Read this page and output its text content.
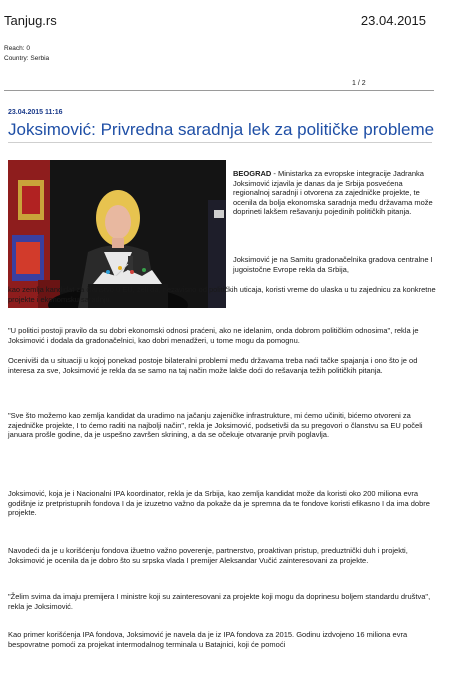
Tanjug.rs	23.04.2015
Reach: 0
Country: Serbia
1 / 2
23.04.2015 11:16
Joksimović: Privredna saradnja lek za političke probleme

BEOGRAD - Ministarka za evropske integracije Jadranka Joksimović izjavila je danas da je Srbija posvećena regionalnoj saradnji i otvorena za zajedničke projekte, te ocenila da bolja ekonomska saradnja među državama može doprineti lakšem rešavanju pojedinih političkih pitanja.

Joksimović je na Samitu gradonačelnika gradova centralne I jugoistočne Evrope rekla da Srbija,

kao zemlja kandidat za članstvo u EU, želi da, nezavisno od političkih uticaja, koristi vreme do ulaska u tu zajednicu za konkretne projekte i ekonomsku saradnju.

"U politici postoji pravilo da su dobri ekonomski odnosi praćeni, ako ne idelanim, onda dobrom političkim odnosima", rekla je Joksimović i dodala da gradonačelnici, kao dobri menadžeri, u tome mogu da pomognu.

Oceniviši da u situaciji u kojoj ponekad postoje bilateralni problemi među državama treba naći tačke spajanja i ono što je od interesa za sve, Joksimović je rekla da se samo na taj način može lakše doći do rešavanja težih političkih pitanja.

"Sve što možemo kao zemlja kandidat da uradimo na jačanju zajeničke infrastrukture, mi ćemo učiniti, bićemo otvoreni za zajedničke projekte, I to ćemo raditi na najbolji način", rekla je Joksimović, podsetivši da su pregovori o članstvu sa EU počeli januara prošle godine, da je uspešno završen skrining, a da se očekuje otvaranje prvih poglavlja.

Joksimović, koja je i Nacionalni IPA koordinator, rekla je da Srbija, kao zemlja kandidat može da koristi oko 200 miliona evra godišnje iz pretpristupnih fondova I da je izuzetno važno da pokaže da je spremna da te fondove koristi efikasno I da ima dobre projekte.

Navodeći da je u korišćenju fondova ižuetno važno poverenje, partnerstvo, proaktivan pristup, preduztnički duh i projekti, Joksimović je ocenila da je dobro što su srpska vlada I premijer Aleksandar Vučić zainteresovani za projekte.

"Želim svima da imaju premijera I ministre koji su zainteresovani za projekte koji mogu da doprinesu boljem standardu društva", rekla je Joksimović.

Kao primer korišćenja IPA fondova, Joksimović je navela da je iz IPA fondova za 2015. Godinu izdvojeno 16 miliona evra bespovratne pomoći za projekat intermodalnog terminala u Batajnici, koji će pomoći
